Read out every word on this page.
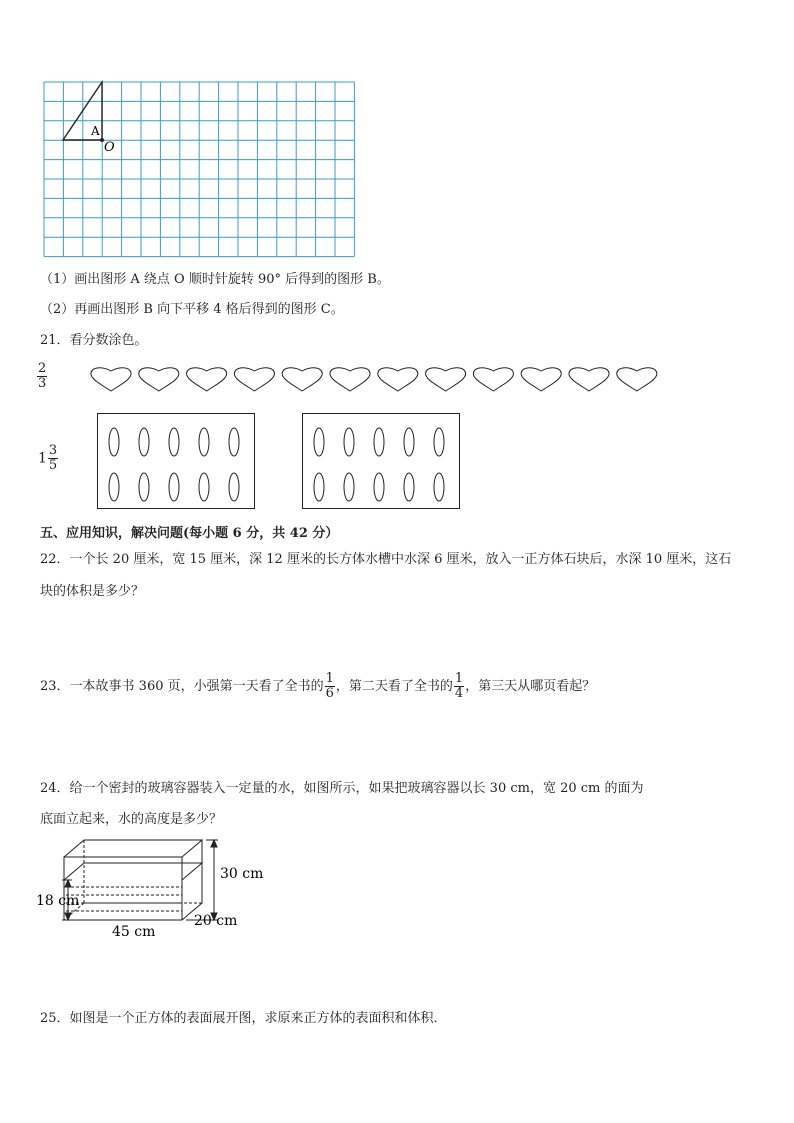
A
O
（1）画出图形 A 绕点 O 顺时针旋转 90° 后得到的图形 B。
（2）再画出图形 B 向下平移 4 格后得到的图形 C。
21．看分数涂色。
$\frac{2}{3}$
$1 \frac{3}{5}$
五、应用知识，解决问题(每小题 6 分，共 42 分）
22．一个长 20 厘米，宽 15 厘米，深 12 厘米的长方体水槽中水深 6 厘米，放入一正方体石块后，水深 10 厘米，这石
块的体积是多少？
23．一本故事书 360 页，小强第一天看了全书的 $\frac{1}{6}$ ，第二天看了全书的 $\frac{1}{4}$ ，第三天从哪页看起？
24．给一个密封的玻璃容器装入一定量的水，如图所示，如果把玻璃容器以长 30 cm，宽 20 cm 的面为
底面立起来，水的高度是多少？
30 cm
18 cm
45 cm
20 cm
25．如图是一个正方体的表面展开图，求原来正方体的表面积和体积．
